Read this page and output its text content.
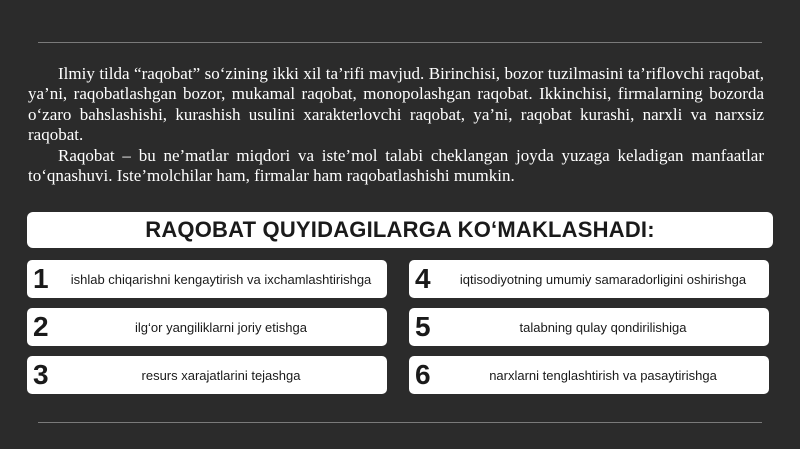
Ilmiy tilda “raqobat” so‘zining ikki xil ta’rifi mavjud. Birinchisi, bozor tuzilmasini ta’riflovchi raqobat, ya’ni, raqobatlashgan bozor, mukamal raqobat, monopolashgan raqobat. Ikkinchisi, firmalarning bozorda o‘zaro bahslashishi, kurashish usulini xarakterlovchi raqobat, ya’ni, raqobat kurashi, narxli va narxsiz raqobat.

Raqobat – bu ne’matlar miqdori va iste’mol talabi cheklangan joyda yuzaga keladigan manfaatlar to‘qnashuvi. Iste’molchilar ham, firmalar ham raqobatlashishi mumkin.

RAQOBAT QUYIDAGILARGA KO‘MAKLASHADI:
1	ishlab chiqarishni kengaytirish va ixchamlashtirishga
2	ilg‘or yangiliklarni joriy etishga
3	resurs xarajatlarini tejashga
4	iqtisodiyotning umumiy samaradorligini oshirishga
5	talabning qulay qondirilishiga
6	narxlarni tenglashtirish va pasaytirishga
